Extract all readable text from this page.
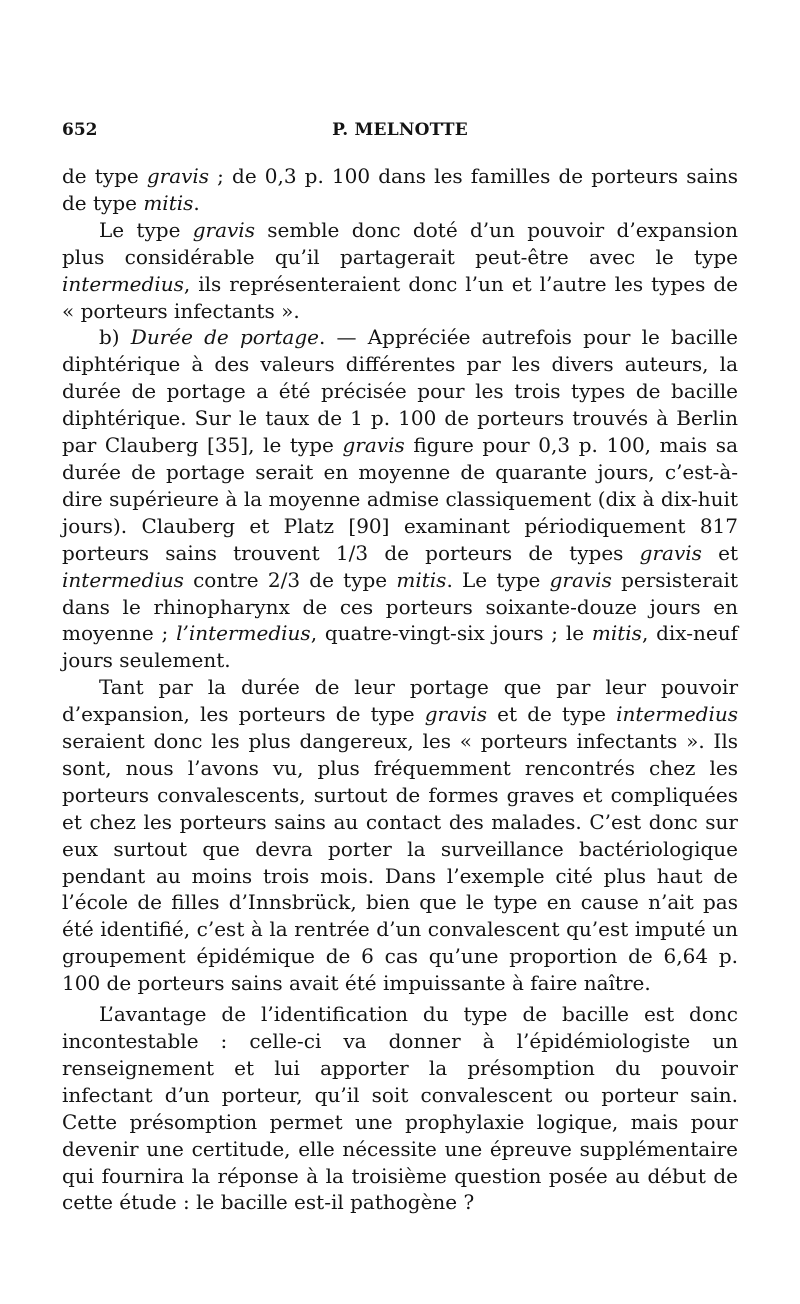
652	P. MELNOTTE

de type gravis ; de 0,3 p. 100 dans les familles de porteurs sains de type mitis.

Le type gravis semble donc doté d’un pouvoir d’expansion plus considérable qu’il partagerait peut-être avec le type intermedius, ils représenteraient donc l’un et l’autre les types de « porteurs infectants ».

b) Durée de portage. — Appréciée autrefois pour le bacille diphtérique à des valeurs différentes par les divers auteurs, la durée de portage a été précisée pour les trois types de bacille diphtérique. Sur le taux de 1 p. 100 de porteurs trouvés à Berlin par Clauberg [35], le type gravis figure pour 0,3 p. 100, mais sa durée de portage serait en moyenne de quarante jours, c’est-à-dire supérieure à la moyenne admise classiquement (dix à dix-huit jours). Clauberg et Platz [90] examinant périodiquement 817 porteurs sains trouvent 1/3 de porteurs de types gravis et intermedius contre 2/3 de type mitis. Le type gravis persisterait dans le rhinopharynx de ces porteurs soixante-douze jours en moyenne ; l’intermedius, quatre-vingt-six jours ; le mitis, dix-neuf jours seulement.

Tant par la durée de leur portage que par leur pouvoir d’expansion, les porteurs de type gravis et de type intermedius seraient donc les plus dangereux, les « porteurs infectants ». Ils sont, nous l’avons vu, plus fréquemment rencontrés chez les porteurs convalescents, surtout de formes graves et compliquées et chez les porteurs sains au contact des malades. C’est donc sur eux surtout que devra porter la surveillance bactériologique pendant au moins trois mois. Dans l’exemple cité plus haut de l’école de filles d’Innsbrück, bien que le type en cause n’ait pas été identifié, c’est à la rentrée d’un convalescent qu’est imputé un groupement épidémique de 6 cas qu’une proportion de 6,64 p. 100 de porteurs sains avait été impuissante à faire naître.

L’avantage de l’identification du type de bacille est donc incontestable : celle-ci va donner à l’épidémiologiste un renseignement et lui apporter la présomption du pouvoir infectant d’un porteur, qu’il soit convalescent ou porteur sain. Cette présomption permet une prophylaxie logique, mais pour devenir une certitude, elle nécessite une épreuve supplémentaire qui fournira la réponse à la troisième question posée au début de cette étude : le bacille est-il pathogène ?
